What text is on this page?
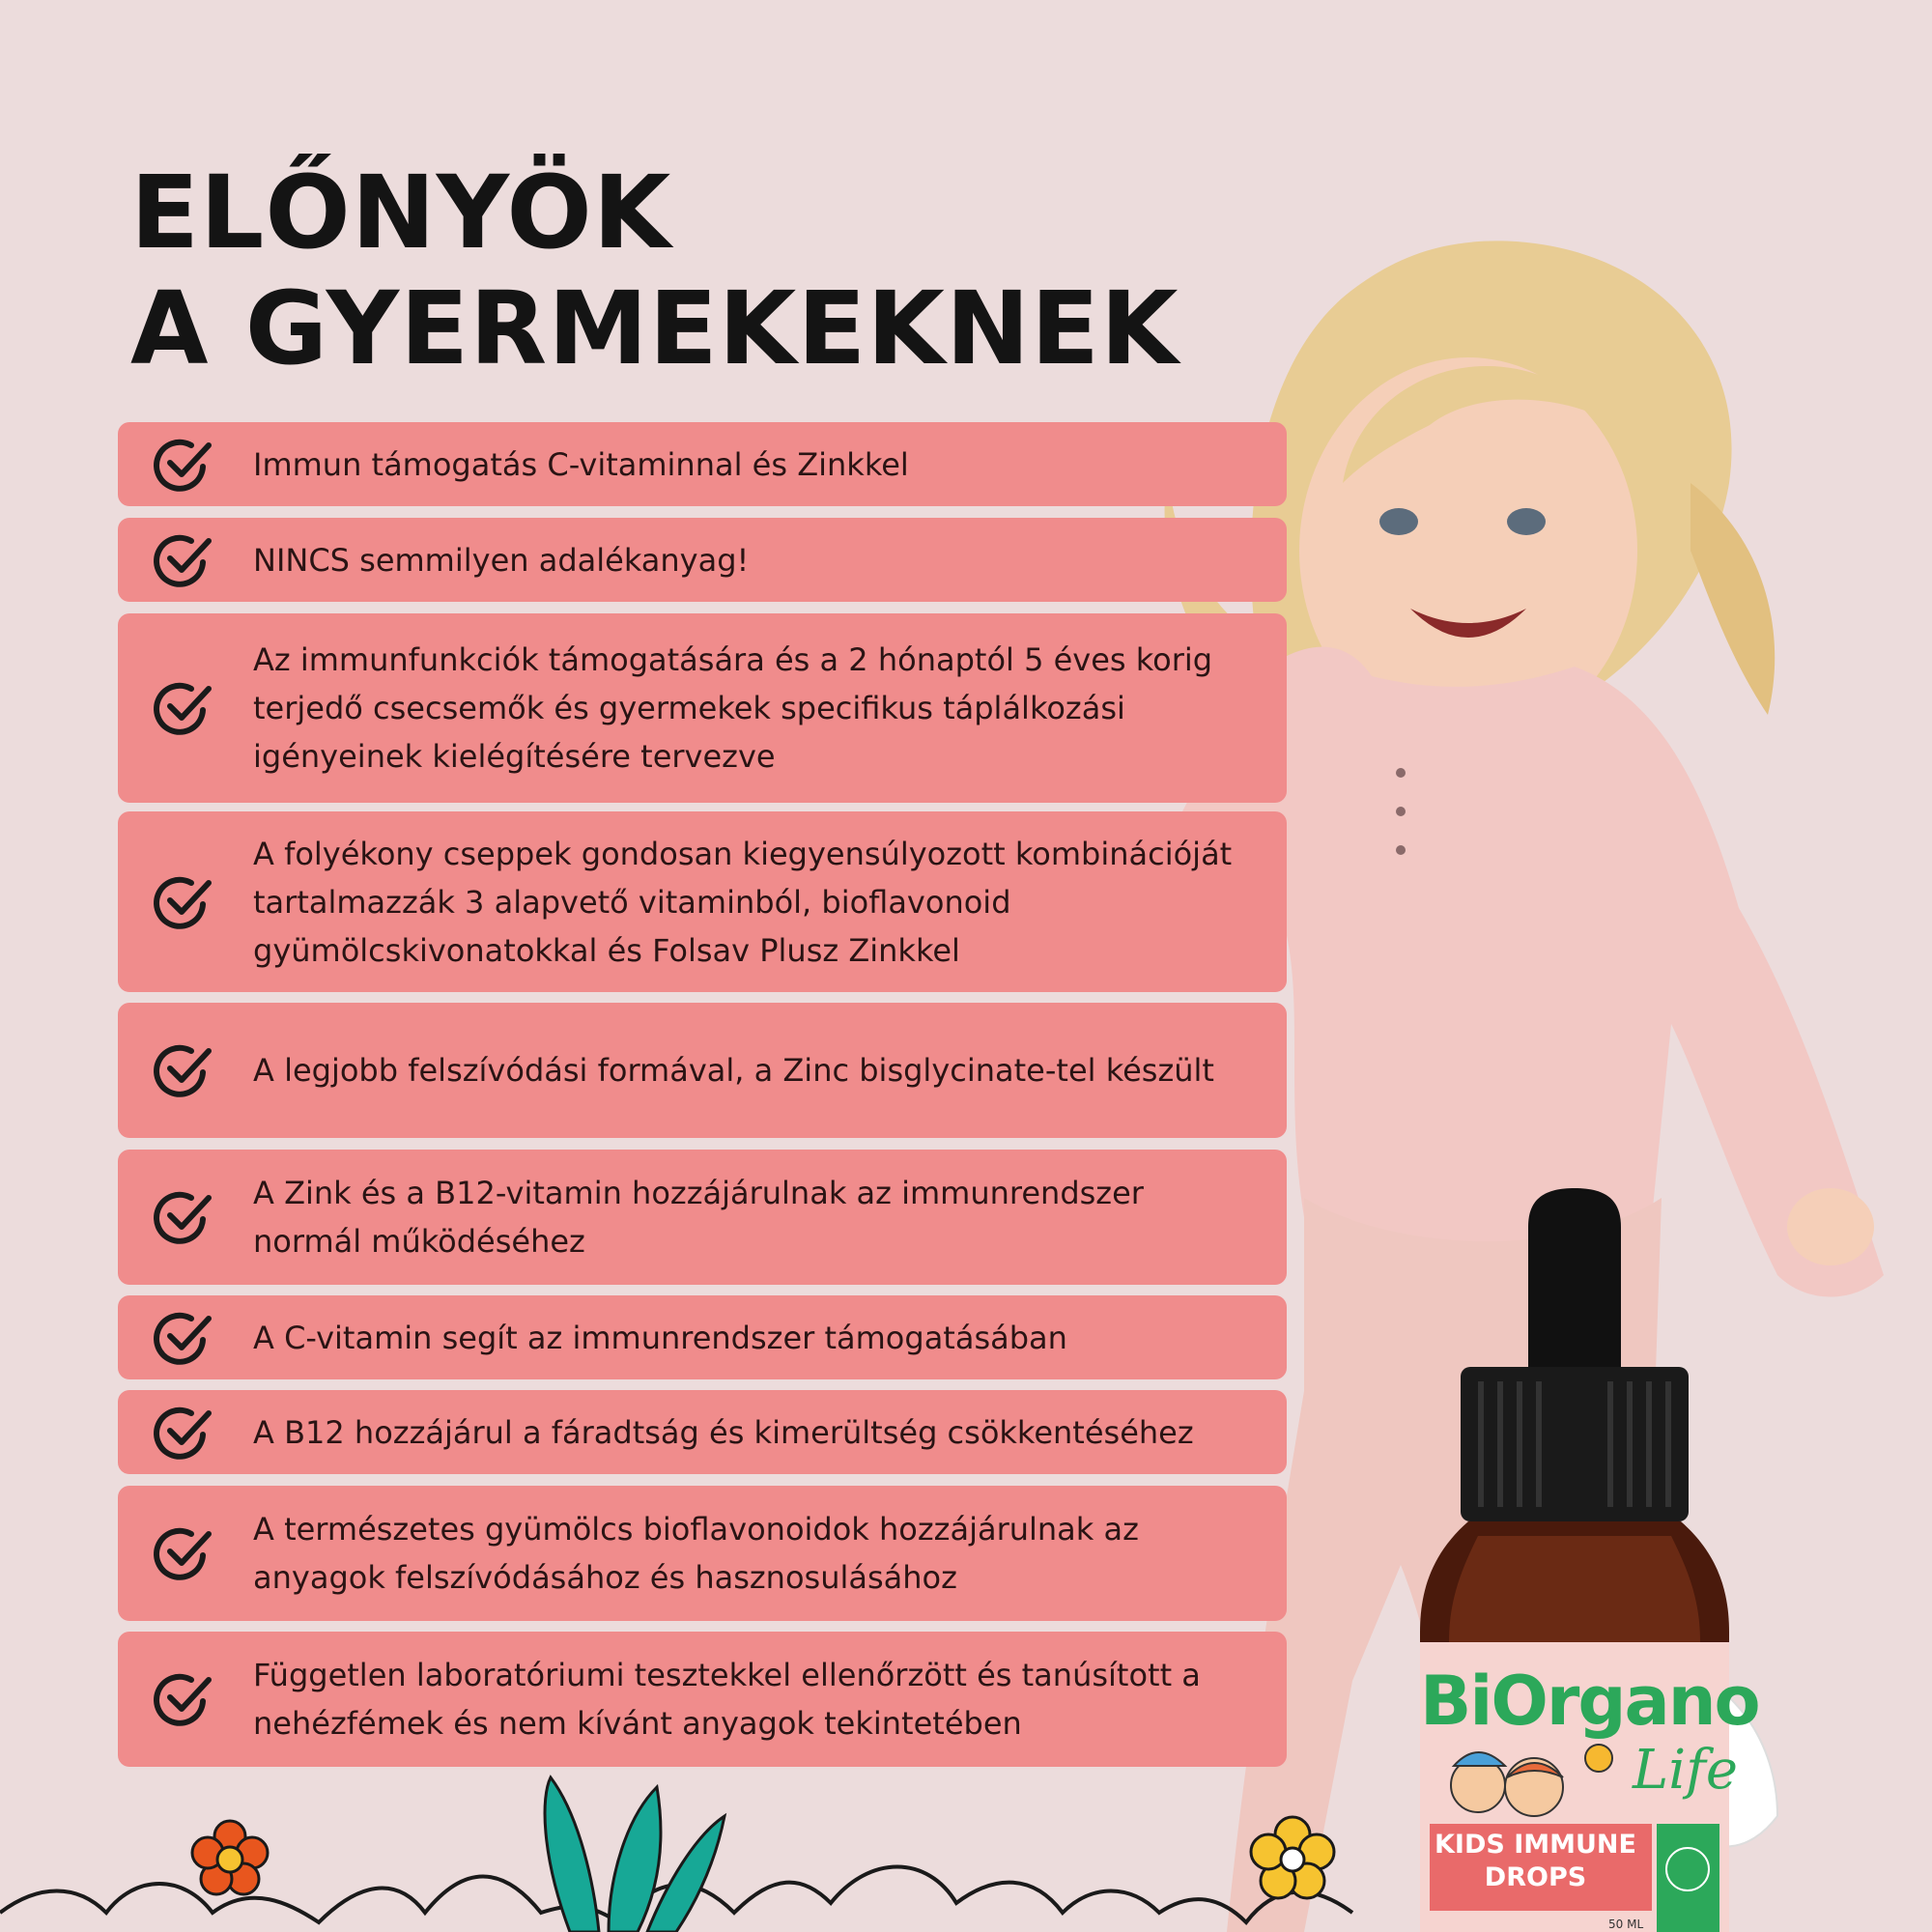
ELŐNYÖK
A GYERMEKEKNEK
BiOrgano
Life
KIDS IMMUNE
DROPS
50 ML
Immun támogatás C-vitaminnal és Zinkkel
NINCS semmilyen adalékanyag!
Az immunfunkciók támogatására és a 2 hónaptól 5 éves korig terjedő csecsemők és gyermekek specifikus táplálkozási igényeinek kielégítésére tervezve
A folyékony cseppek gondosan kiegyensúlyozott kombinációját tartalmazzák 3 alapvető vitaminból, bioflavonoid gyümölcskivonatokkal és Folsav Plusz Zinkkel
A legjobb felszívódási formával, a Zinc bisglycinate-tel készült
A Zink és a B12-vitamin hozzájárulnak az immunrendszer normál működéséhez
A C-vitamin segít az immunrendszer támogatásában
A B12 hozzájárul a fáradtság és kimerültség csökkentéséhez
A természetes gyümölcs bioflavonoidok hozzájárulnak az anyagok felszívódásához és hasznosulásához
Független laboratóriumi tesztekkel ellenőrzött és tanúsított a nehézfémek és nem kívánt anyagok tekintetében
